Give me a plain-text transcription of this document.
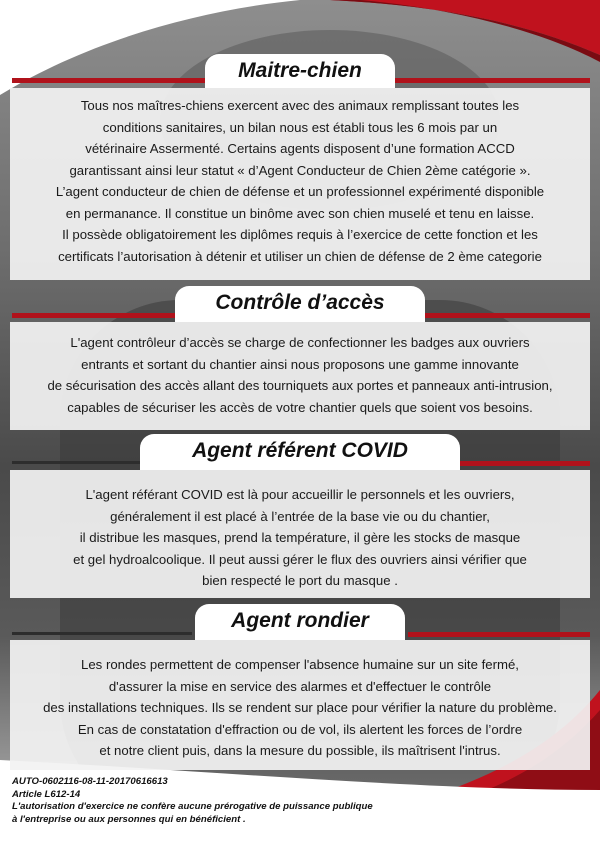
Maitre-chien
Tous nos maîtres-chiens exercent avec des animaux remplissant toutes les
conditions sanitaires, un bilan nous est établi tous les 6 mois par un
vétérinaire Assermenté. Certains agents disposent d’une formation ACCD
garantissant ainsi leur statut « d’Agent Conducteur de Chien 2ème catégorie ».
L’agent conducteur de chien de défense et un professionnel expérimenté disponible
en permanance. Il constitue un binôme avec son chien muselé et tenu en laisse.
Il possède obligatoirement les diplômes requis à l’exercice de cette fonction et les
certificats l’autorisation à détenir et utiliser un chien de défense de 2 ème categorie
Contrôle d’accès
L'agent contrôleur d’accès se charge de confectionner les badges aux ouvriers
entrants et sortant du chantier ainsi nous proposons une gamme innovante
de sécurisation des accès allant des tourniquets aux portes et panneaux anti-intrusion,
capables de sécuriser les accès de votre chantier quels que soient vos besoins.
Agent référent COVID
L'agent référant COVID est là pour accueillir le personnels et les ouvriers,
généralement il est placé à l’entrée de la base vie ou du chantier,
il distribue les masques, prend la température, il gère les stocks de masque
et gel hydroalcoolique. Il peut aussi gérer le flux des ouvriers ainsi vérifier que
bien respecté le port du masque .
Agent rondier
Les rondes permettent de compenser l'absence humaine sur un site fermé,
d'assurer la mise en service des alarmes et d'effectuer le contrôle
des installations techniques. Ils se rendent sur place pour vérifier la nature du problème.
En cas de constatation d'effraction ou de vol, ils alertent les forces de l’ordre
et notre client puis, dans la mesure du possible, ils maîtrisent l'intrus.
AUTO-0602116-08-11-20170616613
Article L612-14
L'autorisation d'exercice ne confère aucune prérogative de puissance publique
à l'entreprise ou aux personnes qui en bénéficient .
